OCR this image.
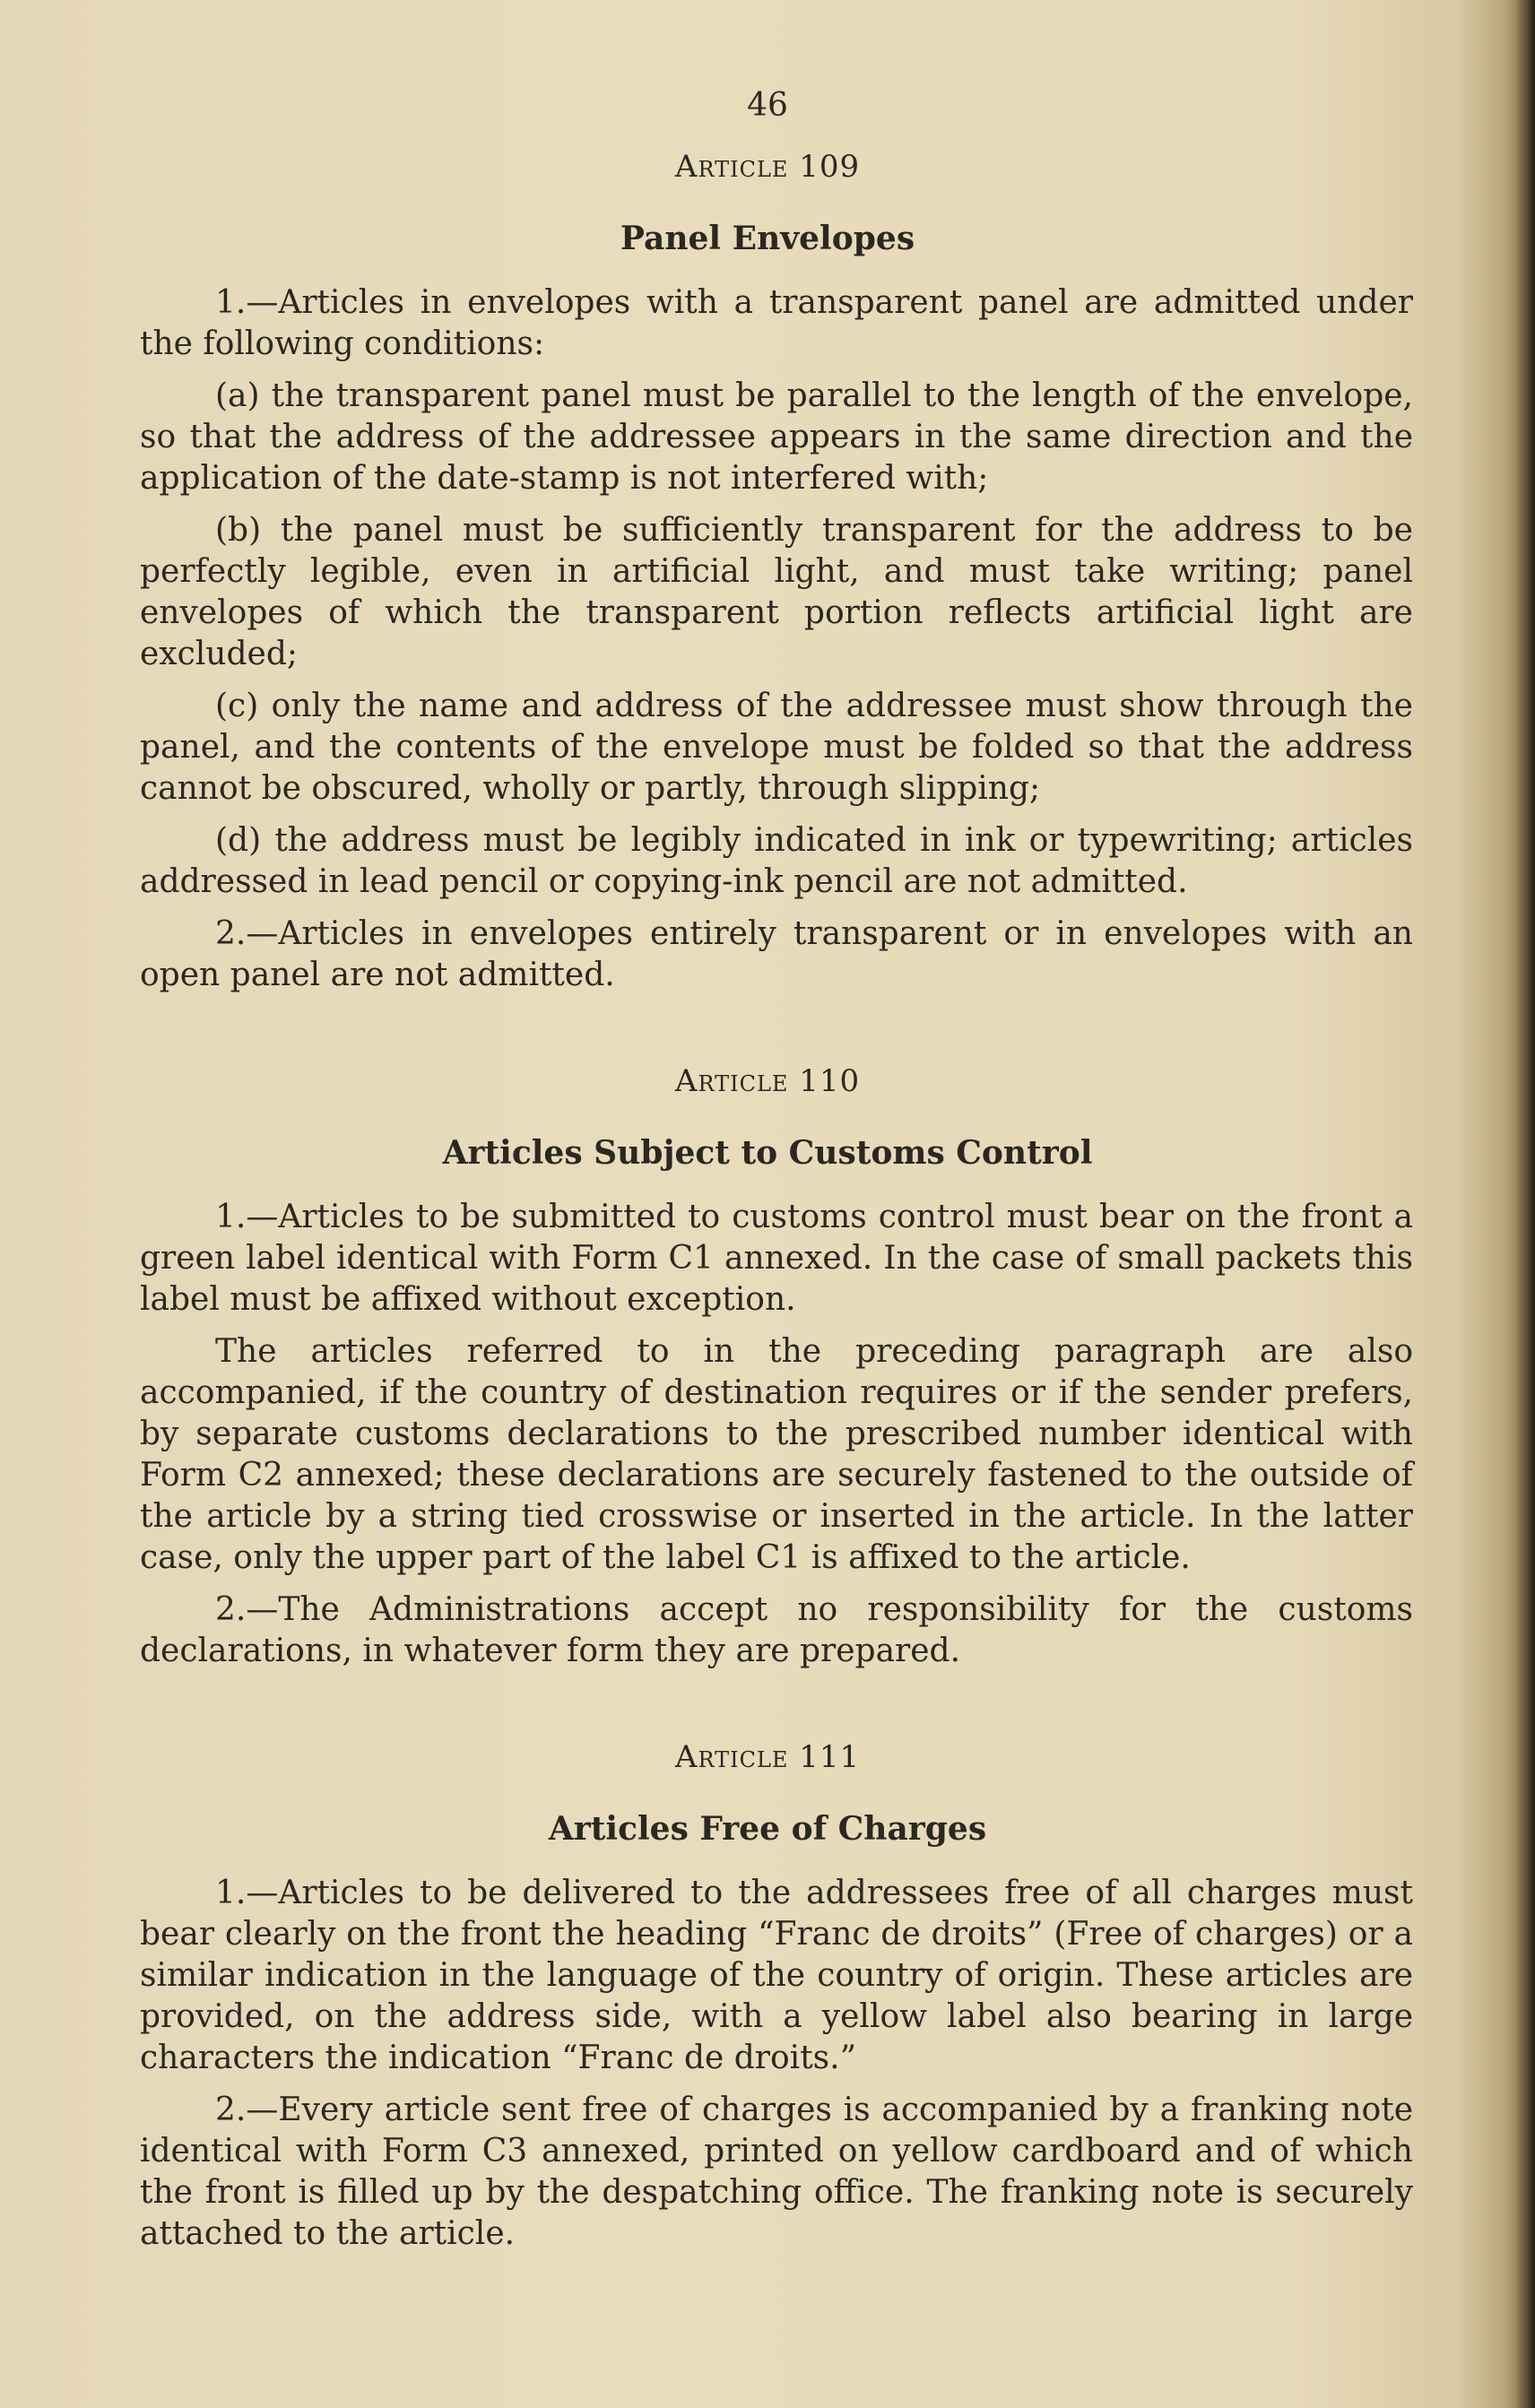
46
Article 109
Panel Envelopes

1.—Articles in envelopes with a transparent panel are admitted under the following conditions:

(a) the transparent panel must be parallel to the length of the envelope, so that the address of the addressee appears in the same direction and the application of the date-stamp is not interfered with;

(b) the panel must be sufficiently transparent for the address to be perfectly legible, even in artificial light, and must take writing; panel envelopes of which the transparent portion reflects artificial light are excluded;

(c) only the name and address of the addressee must show through the panel, and the contents of the envelope must be folded so that the address cannot be obscured, wholly or partly, through slipping;

(d) the address must be legibly indicated in ink or typewriting; articles addressed in lead pencil or copying-ink pencil are not admitted.

2.—Articles in envelopes entirely transparent or in envelopes with an open panel are not admitted.

Article 110
Articles Subject to Customs Control

1.—Articles to be submitted to customs control must bear on the front a green label identical with Form C1 annexed. In the case of small packets this label must be affixed without exception.

The articles referred to in the preceding paragraph are also accompanied, if the country of destination requires or if the sender prefers, by separate customs declarations to the prescribed number identical with Form C2 annexed; these declarations are securely fastened to the outside of the article by a string tied crosswise or inserted in the article. In the latter case, only the upper part of the label C1 is affixed to the article.

2.—The Administrations accept no responsibility for the customs declarations, in whatever form they are prepared.

Article 111
Articles Free of Charges

1.—Articles to be delivered to the addressees free of all charges must bear clearly on the front the heading “Franc de droits” (Free of charges) or a similar indication in the language of the country of origin. These articles are provided, on the address side, with a yellow label also bearing in large characters the indication “Franc de droits.”

2.—Every article sent free of charges is accompanied by a franking note identical with Form C3 annexed, printed on yellow cardboard and of which the front is filled up by the despatching office. The franking note is securely attached to the article.
